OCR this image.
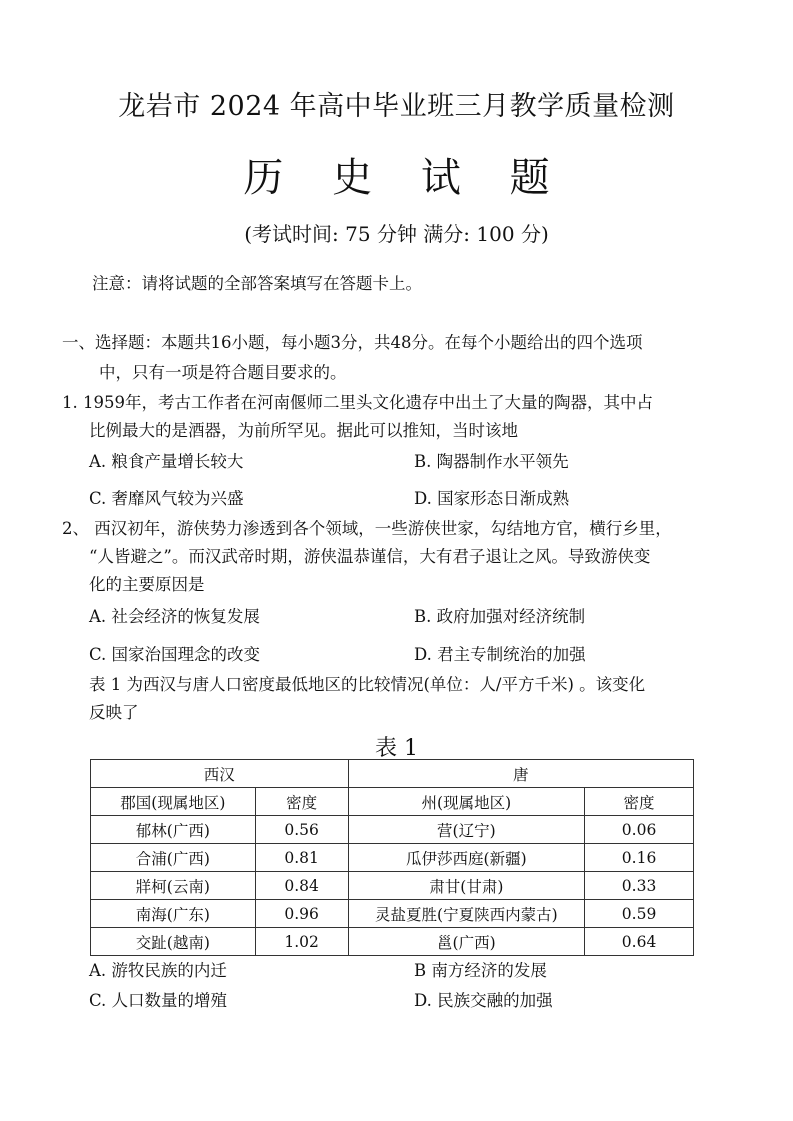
龙岩市 2024 年高中毕业班三月教学质量检测
历 史 试 题
(考试时间: 75 分钟 满分: 100 分)
注意：请将试题的全部答案填写在答题卡上。
一、选择题：本题共16小题，每小题3分，共48分。在每个小题给出的四个选项
中，只有一项是符合题目要求的。
1. 1959年，考古工作者在河南偃师二里头文化遗存中出土了大量的陶器，其中占
比例最大的是酒器，为前所罕见。据此可以推知，当时该地
A. 粮食产量增长较大	B. 陶器制作水平领先
C. 奢靡风气较为兴盛	D. 国家形态日渐成熟
2、 西汉初年，游侠势力渗透到各个领域，一些游侠世家，勾结地方官，横行乡里，
“人皆避之”。而汉武帝时期，游侠温恭谨信，大有君子退让之风。导致游侠变
化的主要原因是
A. 社会经济的恢复发展	B. 政府加强对经济统制
C. 国家治国理念的改变	D. 君主专制统治的加强
表 1 为西汉与唐人口密度最低地区的比较情况(单位：人/平方千米) 。该变化
反映了
表 1
西汉		唐	
郡国(现属地区)	密度	州(现属地区)	密度
郁林(广西)	0.56	营(辽宁)	0.06
合浦(广西)	0.81	瓜伊莎西庭(新疆)	0.16
牂柯(云南)	0.84	肃甘(甘肃)	0.33
南海(广东)	0.96	灵盐夏胜(宁夏陕西内蒙古)	0.59
交趾(越南)	1.02	邕(广西)	0.64
A. 游牧民族的内迁	B 南方经济的发展
C. 人口数量的增殖	D. 民族交融的加强
